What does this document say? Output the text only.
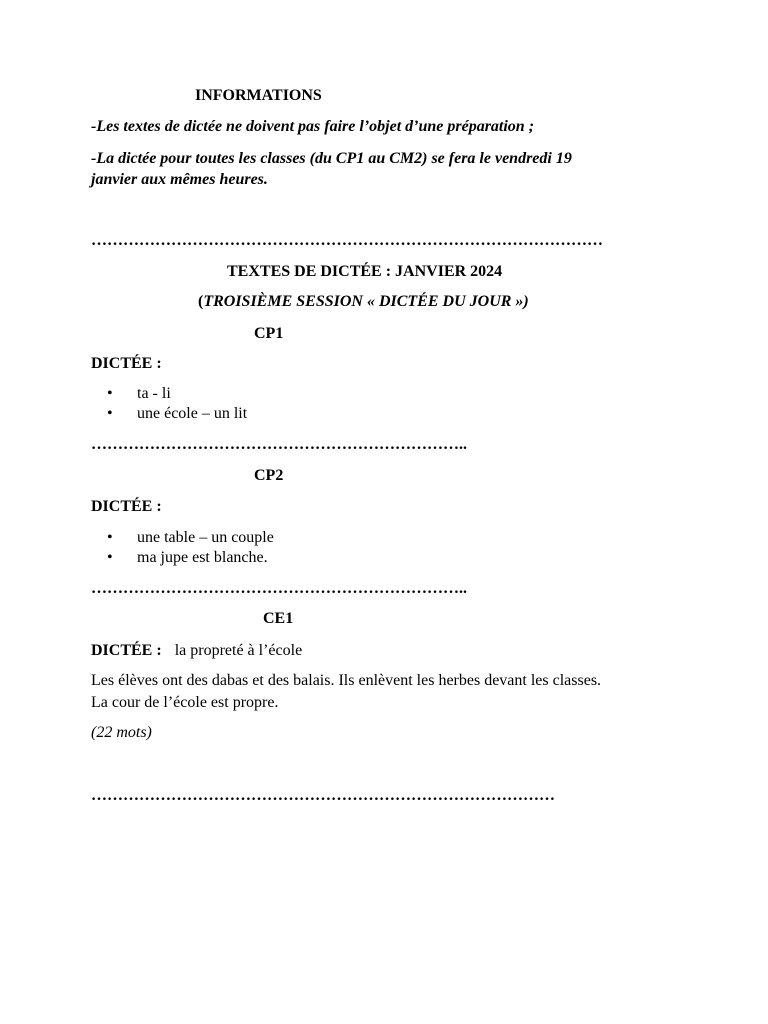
INFORMATIONS
-Les textes de dictée ne doivent pas faire l’objet d’une préparation ;
-La dictée pour toutes les classes (du CP1 au CM2) se fera le vendredi 19
janvier aux mêmes heures.
……………………………………………………………………………………
TEXTES DE DICTÉE : JANVIER 2024
(TROISIÈME SESSION « DICTÉE DU JOUR »)
CP1
DICTÉE :
• ta - li
• une école – un lit
……………………………………………………………..
CP2
DICTÉE :
• une table – un couple
• ma jupe est blanche.
……………………………………………………………..
CE1
DICTÉE : la propreté à l’école
Les élèves ont des dabas et des balais. Ils enlèvent les herbes devant les classes.
La cour de l’école est propre.
(22 mots)
……………………………………………………………………………
